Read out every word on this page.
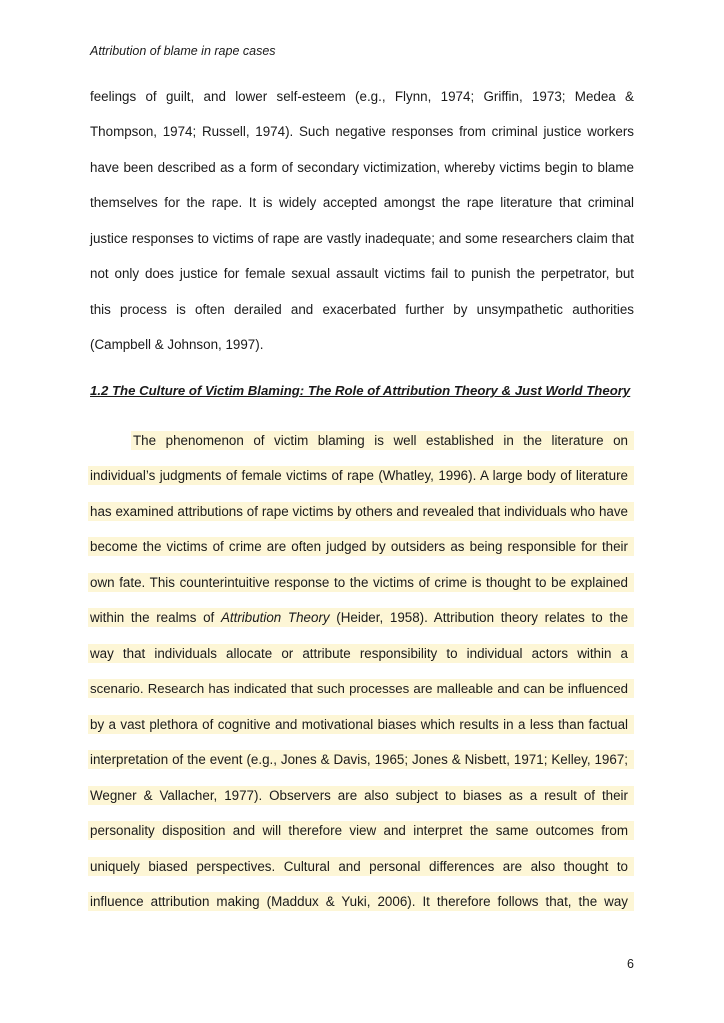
Attribution of blame in rape cases
feelings of guilt, and lower self-esteem (e.g., Flynn, 1974; Griffin, 1973; Medea &
Thompson, 1974; Russell, 1974). Such negative responses from criminal justice workers
have been described as a form of secondary victimization, whereby victims begin to blame
themselves for the rape. It is widely accepted amongst the rape literature that criminal
justice responses to victims of rape are vastly inadequate; and some researchers claim that
not only does justice for female sexual assault victims fail to punish the perpetrator, but
this process is often derailed and exacerbated further by unsympathetic authorities
(Campbell & Johnson, 1997).
1.2 The Culture of Victim Blaming: The Role of Attribution Theory & Just World Theory
The phenomenon of victim blaming is well established in the literature on
individual’s judgments of female victims of rape (Whatley, 1996). A large body of literature
has examined attributions of rape victims by others and revealed that individuals who have
become the victims of crime are often judged by outsiders as being responsible for their
own fate. This counterintuitive response to the victims of crime is thought to be explained
within the realms of Attribution Theory (Heider, 1958). Attribution theory relates to the
way that individuals allocate or attribute responsibility to individual actors within a
scenario. Research has indicated that such processes are malleable and can be influenced
by a vast plethora of cognitive and motivational biases which results in a less than factual
interpretation of the event (e.g., Jones & Davis, 1965; Jones & Nisbett, 1971; Kelley, 1967;
Wegner & Vallacher, 1977). Observers are also subject to biases as a result of their
personality disposition and will therefore view and interpret the same outcomes from
uniquely biased perspectives. Cultural and personal differences are also thought to
influence attribution making (Maddux & Yuki, 2006). It therefore follows that, the way
6
